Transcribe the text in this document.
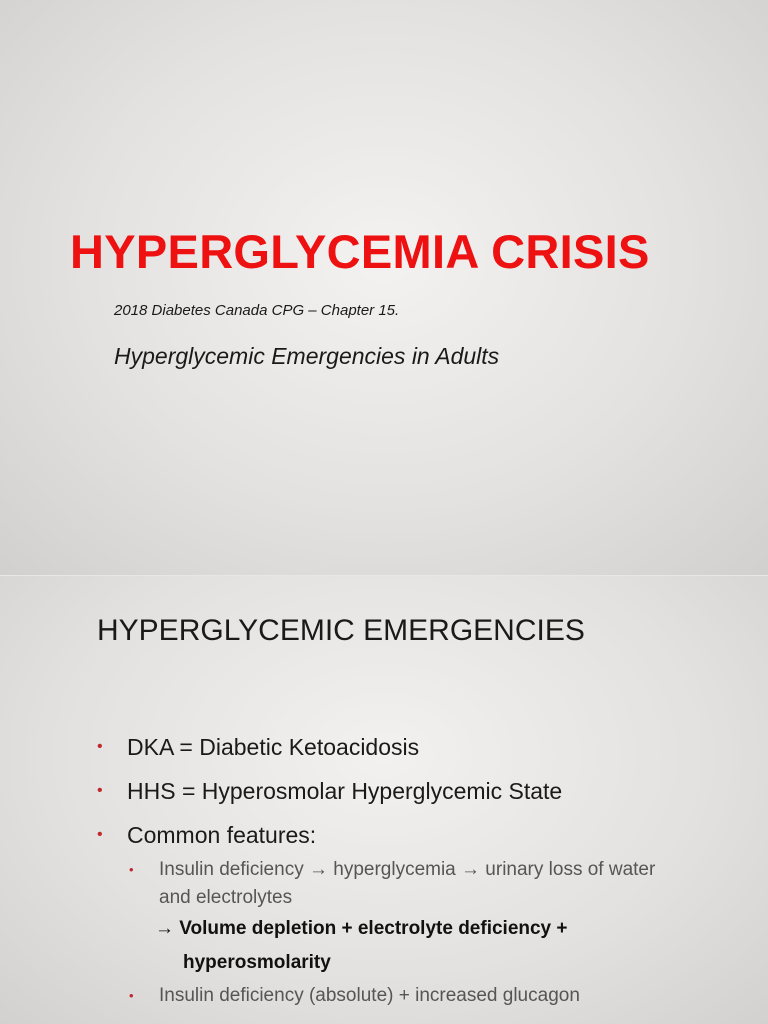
HYPERGLYCEMIA CRISIS
2018 Diabetes Canada CPG – Chapter 15.
Hyperglycemic Emergencies in Adults
HYPERGLYCEMIC EMERGENCIES
• DKA = Diabetic Ketoacidosis
• HHS = Hyperosmolar Hyperglycemic State
• Common features:
• Insulin deficiency → hyperglycemia → urinary loss of water and electrolytes
→ Volume depletion + electrolyte deficiency +
hyperosmolarity
• Insulin deficiency (absolute) + increased glucagon
